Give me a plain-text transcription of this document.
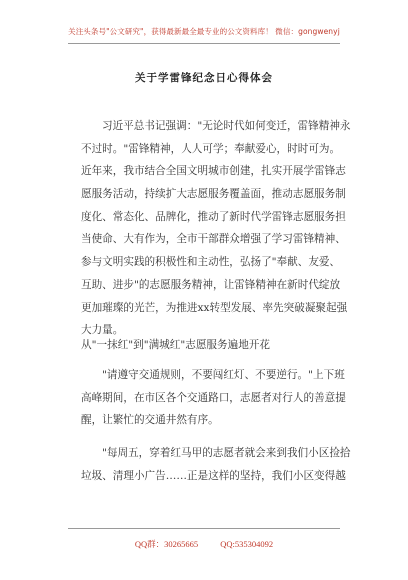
关注头条号"公文研究"，获得最新最全最专业的公文资料库！ 微信：gongwenyj
关于学雷锋纪念日心得体会
习近平总书记强调："无论时代如何变迁，雷锋精神永
不过时。"雷锋精神，人人可学；奉献爱心，时时可为。
近年来，我市结合全国文明城市创建，扎实开展学雷锋志
愿服务活动，持续扩大志愿服务覆盖面，推动志愿服务制
度化、常态化、品牌化，推动了新时代学雷锋志愿服务担
当使命、大有作为，全市干部群众增强了学习雷锋精神、
参与文明实践的积极性和主动性，弘扬了"奉献、友爱、
互助、进步"的志愿服务精神，让雷锋精神在新时代绽放
更加璀璨的光芒，为推进xx转型发展、率先突破凝聚起强
大力量。
从"一抹红"到"满城红"志愿服务遍地开花
"请遵守交通规则，不要闯红灯、不要逆行。"上下班
高峰期间，在市区各个交通路口，志愿者对行人的善意提
醒，让繁忙的交通井然有序。
"每周五，穿着红马甲的志愿者就会来到我们小区捡拾
垃圾、清理小广告……正是这样的坚持，我们小区变得越
QQ群：30265665	QQ:535304092
